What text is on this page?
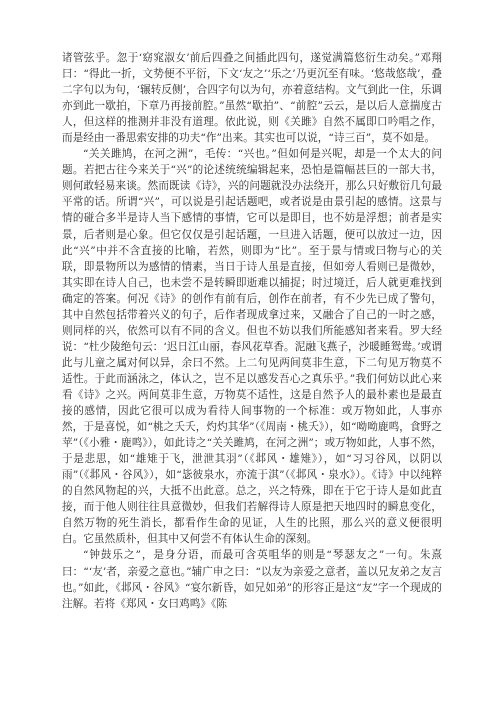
诸管弦乎。忽于‘窈窕淑女’前后四叠之间插此四句，遂觉满篇悠衍生动矣。”邓翔曰：“得此一折，文势便不平衍，下文‘友之’‘乐之’乃更沉至有味。‘悠哉悠哉’，叠二字句以为句，‘辗转反侧’，合四字句以为句，亦着意结构。文气到此一住，乐调亦到此一歇拍，下章乃再接前腔。”虽然“歇拍”、“前腔”云云，是以后人意揣度古人，但这样的推测并非没有道理。依此说，则《关雎》自然不属即口吟唱之作，而是经由一番思索安排的功夫“作”出来。其实也可以说，“诗三百”，莫不如是。

“关关雎鸠，在河之洲”，毛传：“兴也。”但如何是兴呢，却是一个太大的问题。若把古往今来关于“兴”的论述统统编辑起来，恐怕是篇幅甚巨的一部大书，则何敢轻易来谈。然而既读《诗》，兴的问题就没办法绕开，那么只好敷衍几句最平常的话。所谓“兴”，可以说是引起话题吧，或者说是由景引起的感情。这景与情的碰合多半是诗人当下感情的事情，它可以是即目，也不妨是浮想；前者是实景，后者则是心象。但它仅仅是引起话题，一旦进入话题，便可以放过一边，因此“兴”中并不含直接的比喻，若然，则即为“比”。至于景与情或曰物与心的关联，即景物所以为感情的情素，当日于诗人虽是直接，但如旁人看则已是微妙，其实即在诗人自己，也未尝不是转瞬即逝难以捕捉；时过境迁，后人就更难找到确定的答案。何况《诗》的创作有前有后，创作在前者，有不少先已成了警句，其中自然包括带着兴义的句子，后作者现成拿过来，又融合了自己的一时之感，则同样的兴，依然可以有不同的含义。但也不妨以我们所能感知者来看。罗大经说：“杜少陵绝句云：‘迟日江山丽，春风花草香。泥融飞燕子，沙暖睡鸳鸯。’或谓此与儿童之属对何以异，余曰不然。上二句见两间莫非生意，下二句见万物莫不适性。于此而涵泳之，体认之，岂不足以感发吾心之真乐乎。”我们何妨以此心来看《诗》之兴。两间莫非生意，万物莫不适性，这是自然予人的最朴素也是最直接的感情，因此它很可以成为看待人间事物的一个标准：或万物如此，人事亦然，于是喜悦，如“桃之夭夭，灼灼其华”（《周南・桃夭》），如“呦呦鹿鸣，食野之苹”（《小雅・鹿鸣》），如此诗之“关关雎鸠，在河之洲”；或万物如此，人事不然，于是悲思，如“雄雉于飞，泄泄其羽”（《邶风・雄雉》），如“习习谷风，以阴以雨”（《邶风・谷风》），如“毖彼泉水，亦流于淇”（《邶风・泉水》）。《诗》中以纯粹的自然风物起的兴，大抵不出此意。总之，兴之特殊，即在于它于诗人是如此直接，而于他人则往往具意微妙，但我们若解得诗人原是把天地四时的瞬息变化，自然万物的死生消长，都看作生命的见证，人生的比照，那么兴的意义便很明白。它虽然质朴，但其中又何尝不有体认生命的深刻。

“钟鼓乐之”，是身分语，而最可含英咀华的则是“琴瑟友之”一句。朱熹曰：“‘友’者，亲爱之意也。”辅广申之曰：“以友为亲爱之意者，盖以兄友弟之友言也。”如此，《邶风・谷风》“宴尔新昏，如兄如弟”的形容正是这“友”字一个现成的注解。若将《郑风・女曰鸡鸣》《陈
